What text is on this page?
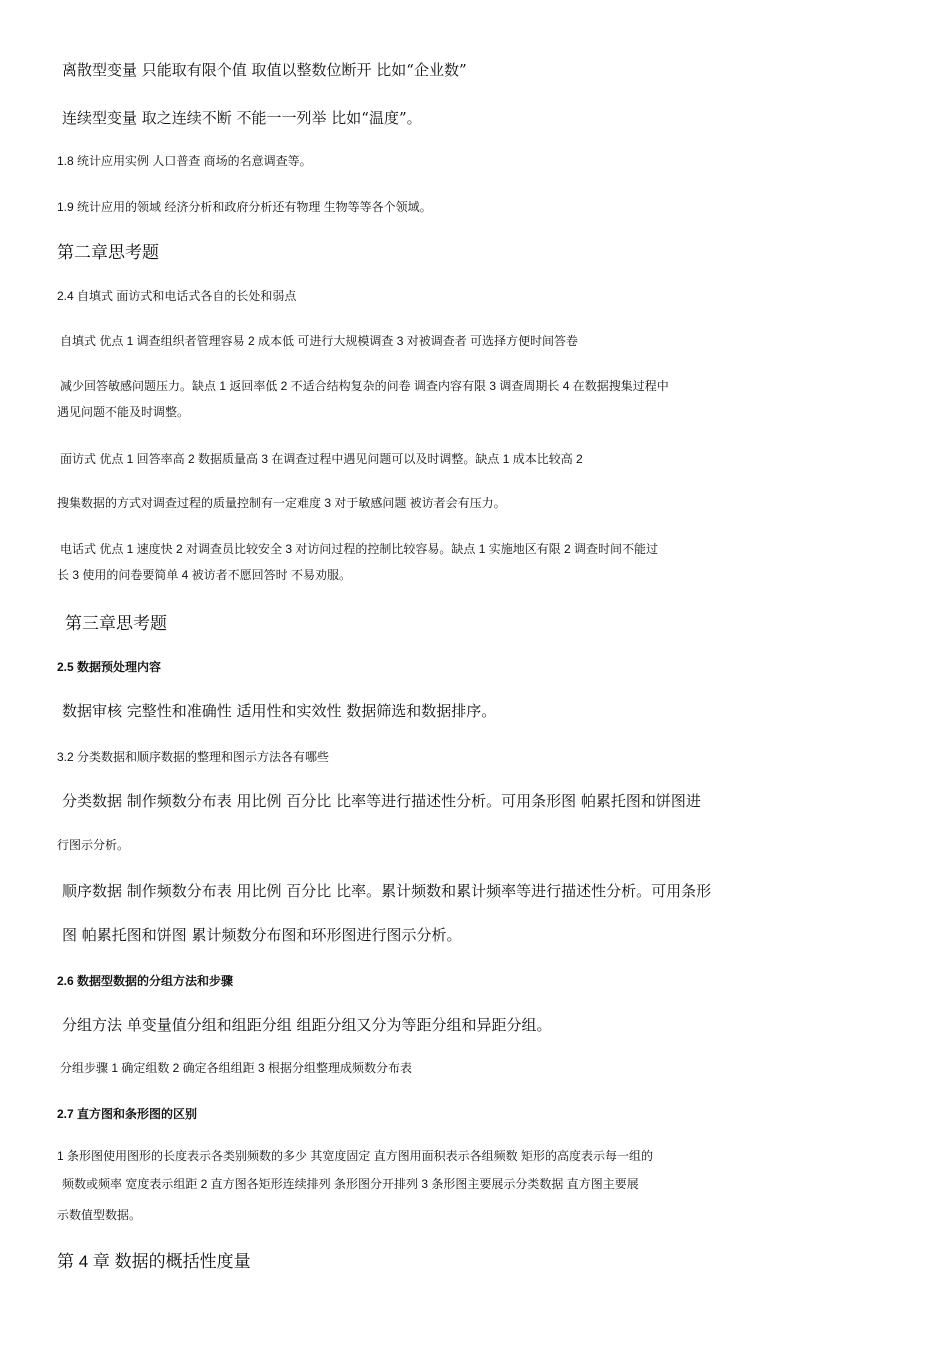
离散型变量 只能取有限个值 取值以整数位断开 比如“企业数”
连续型变量 取之连续不断 不能一一列举 比如“温度”。
1.8 统计应用实例 人口普查 商场的名意调查等。
1.9 统计应用的领域 经济分析和政府分析还有物理 生物等等各个领域。
第二章思考题
2.4 自填式 面访式和电话式各自的长处和弱点
自填式 优点 1 调查组织者管理容易 2 成本低 可进行大规模调查 3 对被调查者 可选择方便时间答卷
减少回答敏感问题压力。缺点 1 返回率低 2 不适合结构复杂的问卷 调查内容有限 3 调查周期长 4 在数据搜集过程中
遇见问题不能及时调整。
面访式 优点 1 回答率高 2 数据质量高 3 在调查过程中遇见问题可以及时调整。缺点 1 成本比较高 2
搜集数据的方式对调查过程的质量控制有一定难度 3 对于敏感问题 被访者会有压力。
电话式 优点 1 速度快 2 对调查员比较安全 3 对访问过程的控制比较容易。缺点 1 实施地区有限 2 调查时间不能过
长 3 使用的问卷要简单 4 被访者不愿回答时 不易劝服。
第三章思考题
2.5 数据预处理内容
数据审核 完整性和准确性 适用性和实效性 数据筛选和数据排序。
3.2 分类数据和顺序数据的整理和图示方法各有哪些
分类数据 制作频数分布表 用比例 百分比 比率等进行描述性分析。可用条形图 帕累托图和饼图进
行图示分析。
顺序数据 制作频数分布表 用比例 百分比 比率。累计频数和累计频率等进行描述性分析。可用条形
图 帕累托图和饼图 累计频数分布图和环形图进行图示分析。
2.6 数据型数据的分组方法和步骤
分组方法 单变量值分组和组距分组 组距分组又分为等距分组和异距分组。
分组步骤 1 确定组数 2 确定各组组距 3 根据分组整理成频数分布表
2.7 直方图和条形图的区别
1 条形图使用图形的长度表示各类别频数的多少 其宽度固定 直方图用面积表示各组频数 矩形的高度表示每一组的
频数或频率 宽度表示组距 2 直方图各矩形连续排列 条形图分开排列 3 条形图主要展示分类数据 直方图主要展
示数值型数据。
第 4 章 数据的概括性度量
